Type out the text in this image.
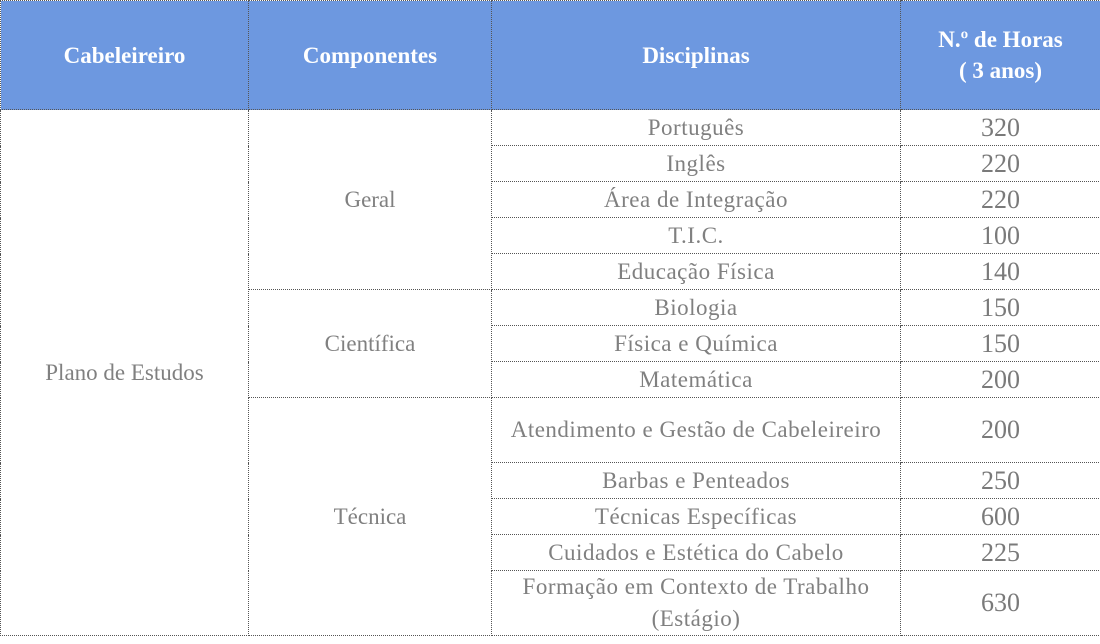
Cabeleireiro	Componentes	Disciplinas	N.º de Horas
( 3 anos)

Plano de Estudos	Geral	Português	320
		Inglês	220
		Área de Integração	220
		T.I.C.	100
		Educação Física	140
	Científica	Biologia	150
		Física e Química	150
		Matemática	200
	Técnica	Atendimento e Gestão de Cabeleireiro	200
		Barbas e Penteados	250
		Técnicas Específicas	600
		Cuidados e Estética do Cabelo	225
		Formação em Contexto de Trabalho (Estágio)	630
